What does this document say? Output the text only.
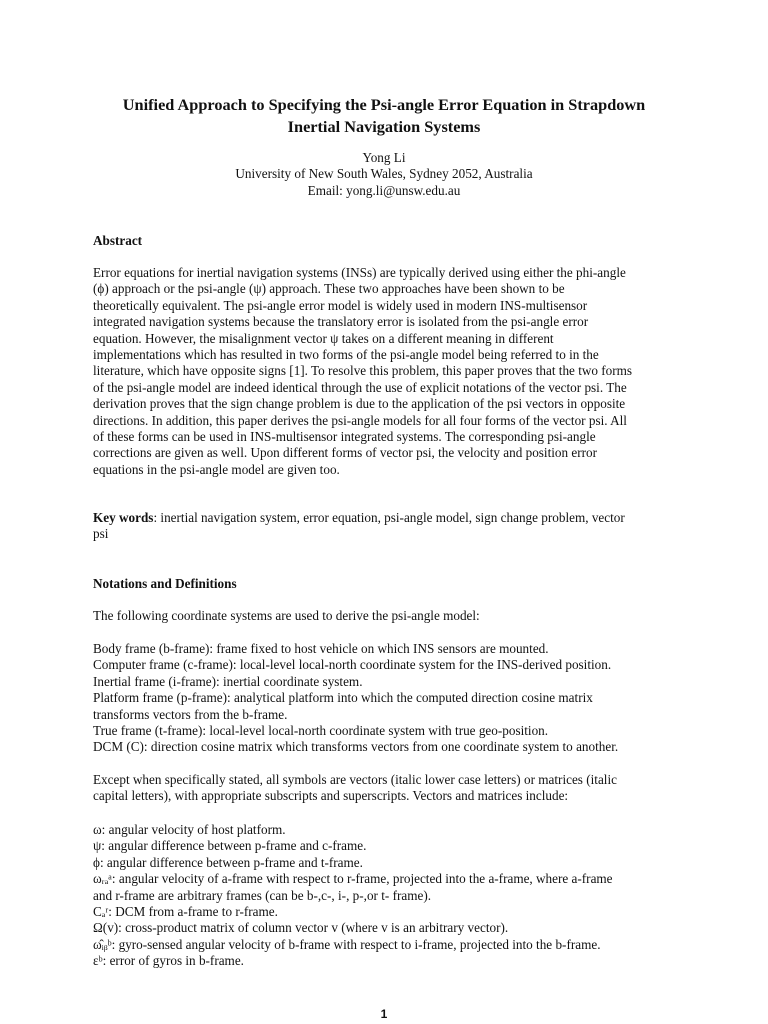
Unified Approach to Specifying the Psi-angle Error Equation in Strapdown
Inertial Navigation Systems
Yong Li
University of New South Wales, Sydney 2052, Australia
Email: yong.li@unsw.edu.au
Abstract
Error equations for inertial navigation systems (INSs) are typically derived using either the phi-angle
(ϕ) approach or the psi-angle (ψ) approach. These two approaches have been shown to be
theoretically equivalent. The psi-angle error model is widely used in modern INS-multisensor
integrated navigation systems because the translatory error is isolated from the psi-angle error
equation. However, the misalignment vector ψ takes on a different meaning in different
implementations which has resulted in two forms of the psi-angle model being referred to in the
literature, which have opposite signs [1]. To resolve this problem, this paper proves that the two forms
of the psi-angle model are indeed identical through the use of explicit notations of the vector psi. The
derivation proves that the sign change problem is due to the application of the psi vectors in opposite
directions. In addition, this paper derives the psi-angle models for all four forms of the vector psi. All
of these forms can be used in INS-multisensor integrated systems. The corresponding psi-angle
corrections are given as well. Upon different forms of vector psi, the velocity and position error
equations in the psi-angle model are given too.
Key words: inertial navigation system, error equation, psi-angle model, sign change problem, vector
psi
Notations and Definitions
The following coordinate systems are used to derive the psi-angle model:
Body frame (b-frame): frame fixed to host vehicle on which INS sensors are mounted.
Computer frame (c-frame): local-level local-north coordinate system for the INS-derived position.
Inertial frame (i-frame): inertial coordinate system.
Platform frame (p-frame): analytical platform into which the computed direction cosine matrix
transforms vectors from the b-frame.
True frame (t-frame): local-level local-north coordinate system with true geo-position.
DCM (C): direction cosine matrix which transforms vectors from one coordinate system to another.
Except when specifically stated, all symbols are vectors (italic lower case letters) or matrices (italic
capital letters), with appropriate subscripts and superscripts. Vectors and matrices include:
ω: angular velocity of host platform.
ψ: angular difference between p-frame and c-frame.
ϕ: angular difference between p-frame and t-frame.
ωᵣₐᵃ: angular velocity of a-frame with respect to r-frame, projected into the a-frame, where a-frame
and r-frame are arbitrary frames (can be b-,c-, i-, p-,or t- frame).
Cₐʳ: DCM from a-frame to r-frame.
Ω(v): cross-product matrix of column vector v (where v is an arbitrary vector).
ω̂ᵢᵦᵇ: gyro-sensed angular velocity of b-frame with respect to i-frame, projected into the b-frame.
εᵇ: error of gyros in b-frame.
1
